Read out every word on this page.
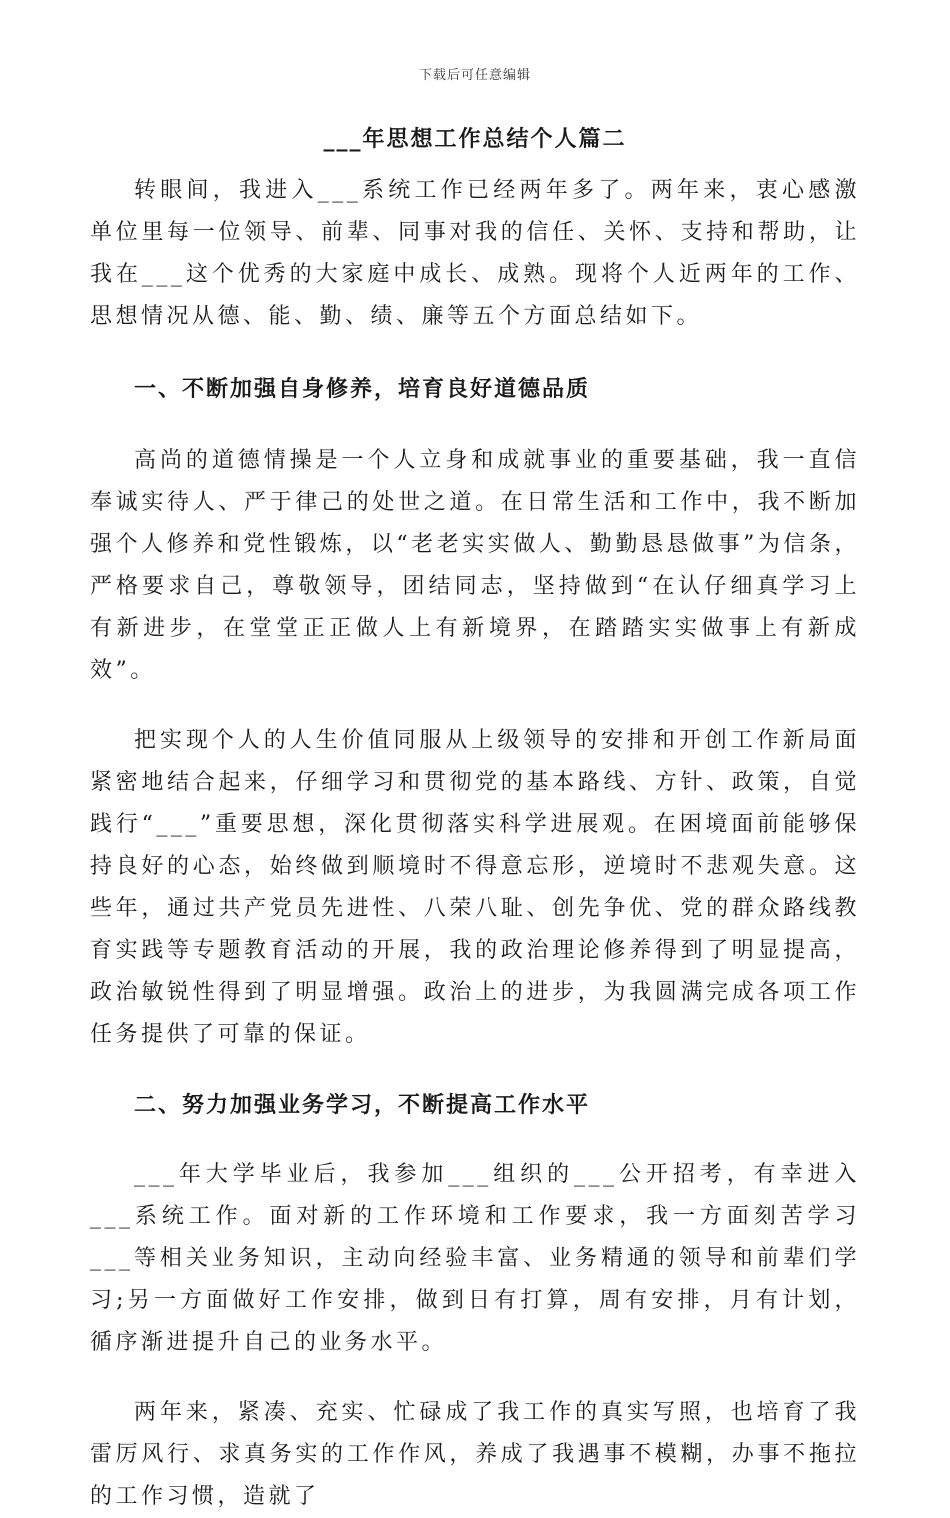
下载后可任意编辑
___年思想工作总结个人篇二

转眼间，我进入___系统工作已经两年多了。两年来，衷心感激单位里每一位领导、前辈、同事对我的信任、关怀、支持和帮助，让我在___这个优秀的大家庭中成长、成熟。现将个人近两年的工作、思想情况从德、能、勤、绩、廉等五个方面总结如下。

一、不断加强自身修养，培育良好道德品质

高尚的道德情操是一个人立身和成就事业的重要基础，我一直信奉诚实待人、严于律己的处世之道。在日常生活和工作中，我不断加强个人修养和党性锻炼，以“老老实实做人、勤勤恳恳做事”为信条，严格要求自己，尊敬领导，团结同志，坚持做到“在认仔细真学习上有新进步，在堂堂正正做人上有新境界，在踏踏实实做事上有新成效”。

把实现个人的人生价值同服从上级领导的安排和开创工作新局面紧密地结合起来，仔细学习和贯彻党的基本路线、方针、政策，自觉践行“___”重要思想，深化贯彻落实科学进展观。在困境面前能够保持良好的心态，始终做到顺境时不得意忘形，逆境时不悲观失意。这些年，通过共产党员先进性、八荣八耻、创先争优、党的群众路线教育实践等专题教育活动的开展，我的政治理论修养得到了明显提高，政治敏锐性得到了明显增强。政治上的进步，为我圆满完成各项工作任务提供了可靠的保证。

二、努力加强业务学习，不断提高工作水平

___年大学毕业后，我参加___组织的___公开招考，有幸进入___系统工作。面对新的工作环境和工作要求，我一方面刻苦学习___等相关业务知识，主动向经验丰富、业务精通的领导和前辈们学习;另一方面做好工作安排，做到日有打算，周有安排，月有计划，循序渐进提升自己的业务水平。

两年来，紧凑、充实、忙碌成了我工作的真实写照，也培育了我雷厉风行、求真务实的工作作风，养成了我遇事不模糊，办事不拖拉的工作习惯，造就了
